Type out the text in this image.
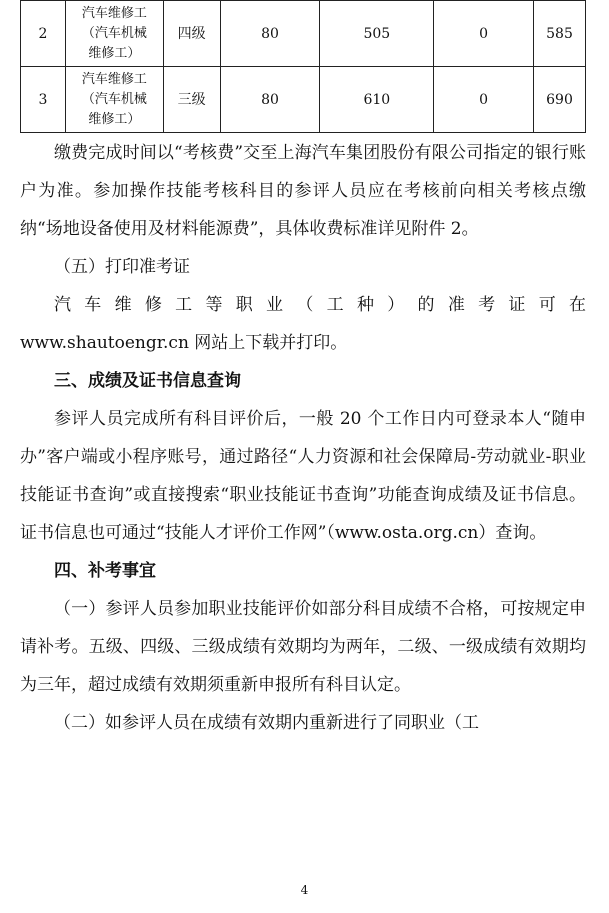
2	汽车维修工
（汽车机械
维修工）	四级	80	505	0	585
3	汽车维修工
（汽车机械
维修工）	三级	80	610	0	690

缴费完成时间以“考核费”交至上海汽车集团股份有限公司指定的银行账户为准。参加操作技能考核科目的参评人员应在考核前向相关考核点缴纳“场地设备使用及材料能源费”，具体收费标准详见附件 2。

（五）打印准考证

汽车维修工等职业（工种）的准考证可在

www.shautoengr.cn 网站上下载并打印。

三、成绩及证书信息查询

参评人员完成所有科目评价后，一般 20 个工作日内可登录本人“随申办”客户端或小程序账号，通过路径“人力资源和社会保障局-劳动就业-职业技能证书查询”或直接搜索“职业技能证书查询”功能查询成绩及证书信息。证书信息也可通过“技能人才评价工作网”（www.osta.org.cn）查询。

四、补考事宜

（一）参评人员参加职业技能评价如部分科目成绩不合格，可按规定申请补考。五级、四级、三级成绩有效期均为两年，二级、一级成绩有效期均为三年，超过成绩有效期须重新申报所有科目认定。

（二）如参评人员在成绩有效期内重新进行了同职业（工

4
